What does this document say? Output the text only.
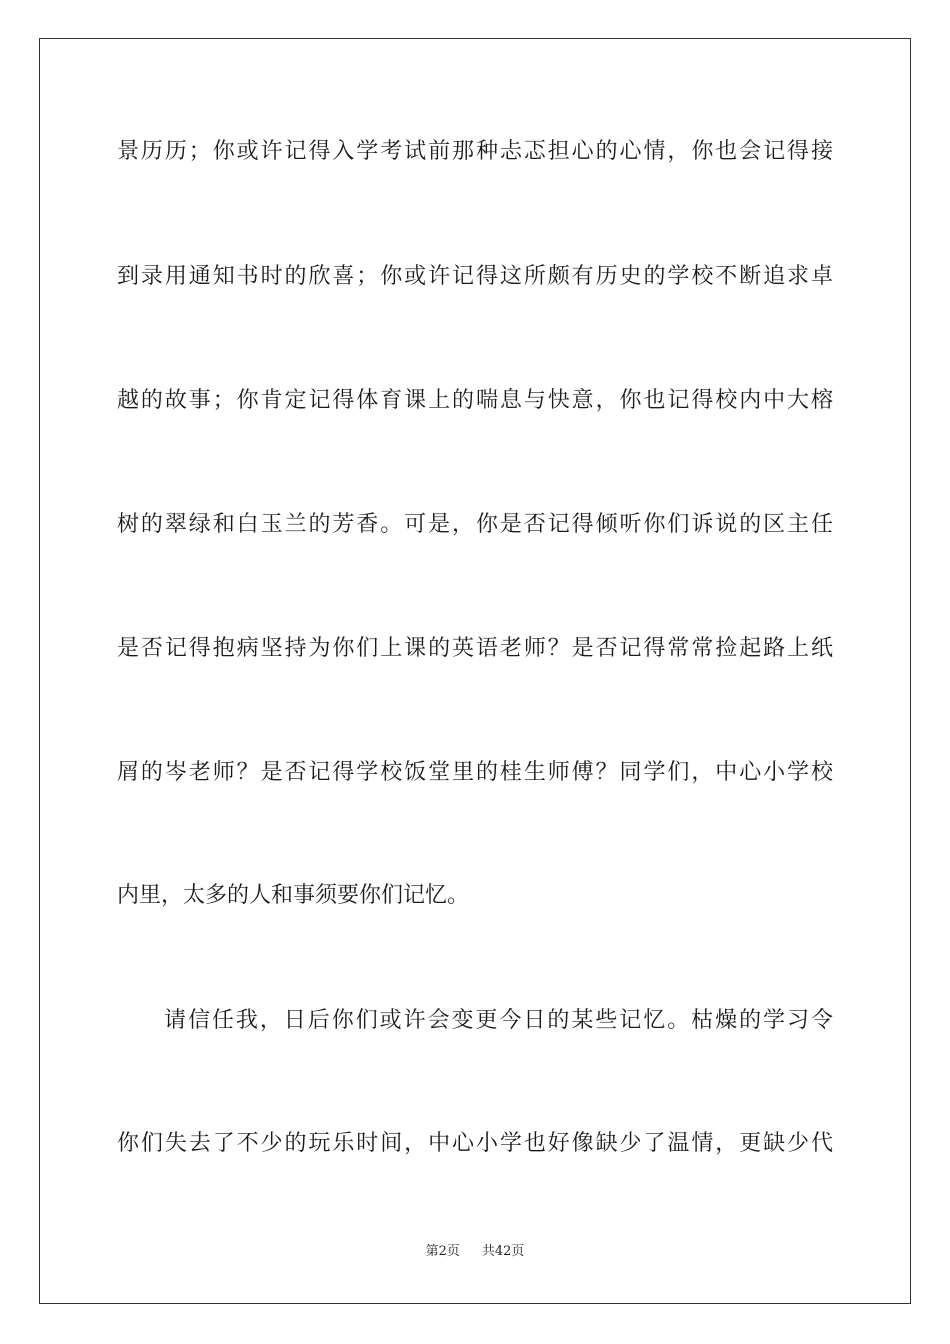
景历历；你或许记得入学考试前那种忐忑担心的心情，你也会记得接
到录用通知书时的欣喜；你或许记得这所颇有历史的学校不断追求卓
越的故事；你肯定记得体育课上的喘息与快意，你也记得校内中大榕
树的翠绿和白玉兰的芳香。可是，你是否记得倾听你们诉说的区主任
是否记得抱病坚持为你们上课的英语老师？是否记得常常捡起路上纸
屑的岑老师？是否记得学校饭堂里的桂生师傅？同学们，中心小学校
内里，太多的人和事须要你们记忆。
请信任我，日后你们或许会变更今日的某些记忆。枯燥的学习令
你们失去了不少的玩乐时间，中心小学也好像缺少了温情，更缺少代
第2页 共42页
